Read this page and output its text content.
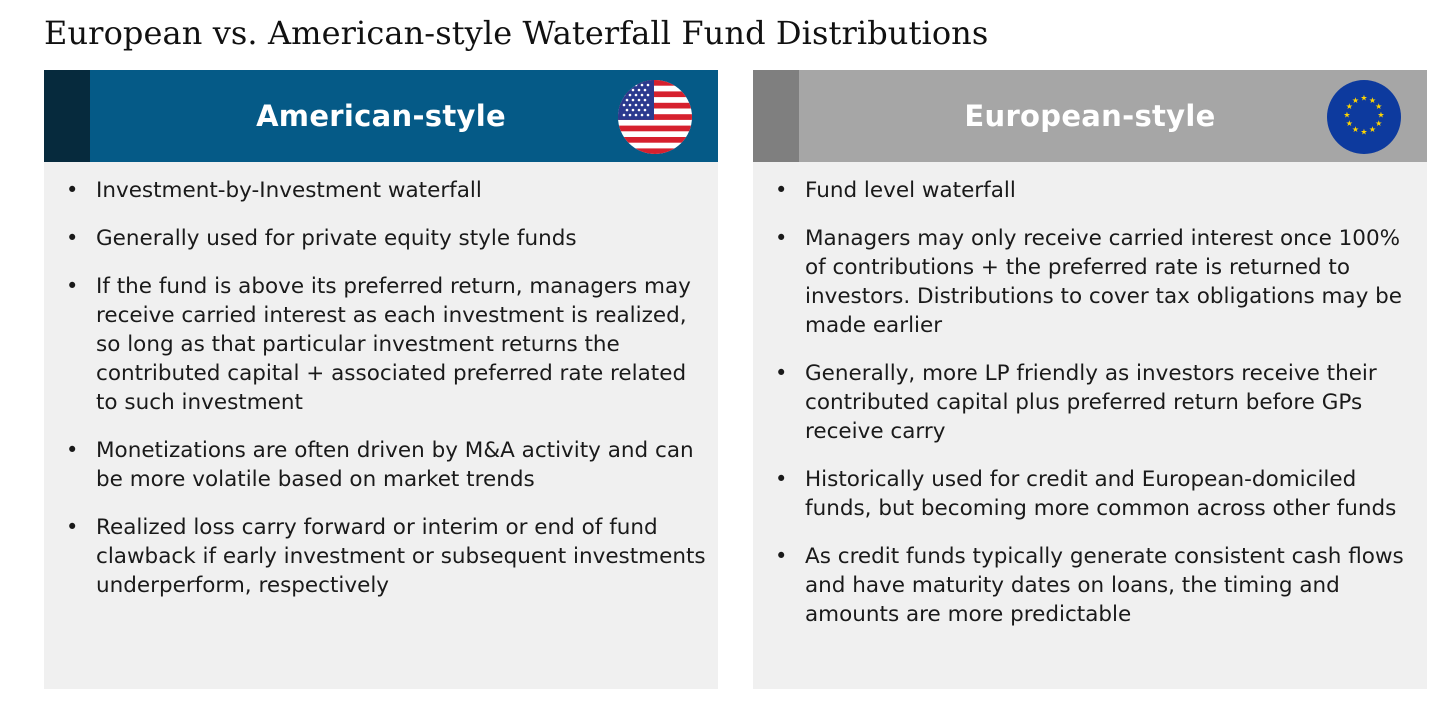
European vs. American-style Waterfall Fund Distributions
American-style
• Investment-by-Investment waterfall
• Generally used for private equity style funds
• If the fund is above its preferred return, managers may receive carried interest as each investment is realized, so long as that particular investment returns the contributed capital + associated preferred rate related to such investment
• Monetizations are often driven by M&A activity and can be more volatile based on market trends
• Realized loss carry forward or interim or end of fund clawback if early investment or subsequent investments underperform, respectively
European-style
★ ★
★
★
★
★
★
★
★
★
★
★
• Fund level waterfall
• Managers may only receive carried interest once 100% of contributions + the preferred rate is returned to investors. Distributions to cover tax obligations may be made earlier
• Generally, more LP friendly as investors receive their contributed capital plus preferred return before GPs receive carry
• Historically used for credit and European-domiciled funds, but becoming more common across other funds
• As credit funds typically generate consistent cash flows and have maturity dates on loans, the timing and amounts are more predictable
